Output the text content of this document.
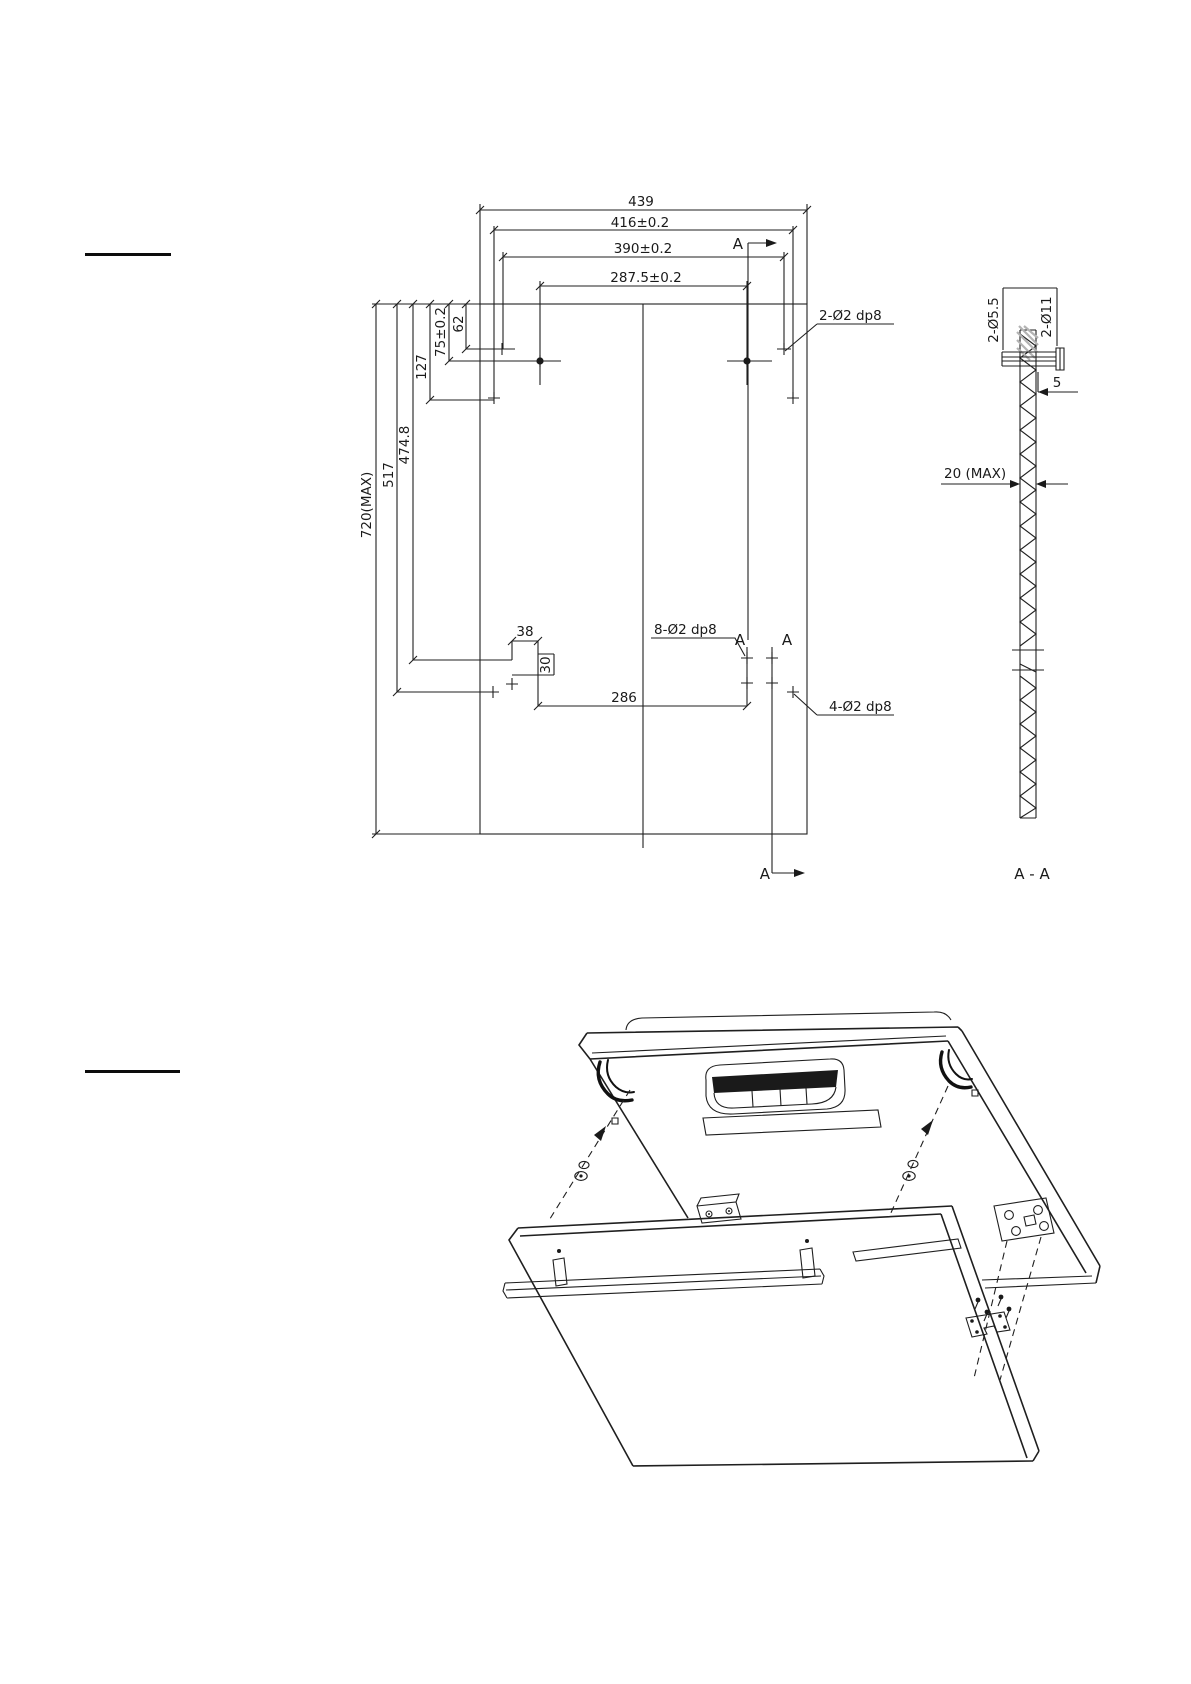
439
416±0.2
390±0.2
287.5±0.2
286
38
30
720(MAX) 517
474.8
127
75±0.2 62	2-Ø2 dp8
8-Ø2 dp8
4-Ø2 dp8
A
A A
A
2-Ø5.5	2-Ø11
5
20 (MAX)
A - A
